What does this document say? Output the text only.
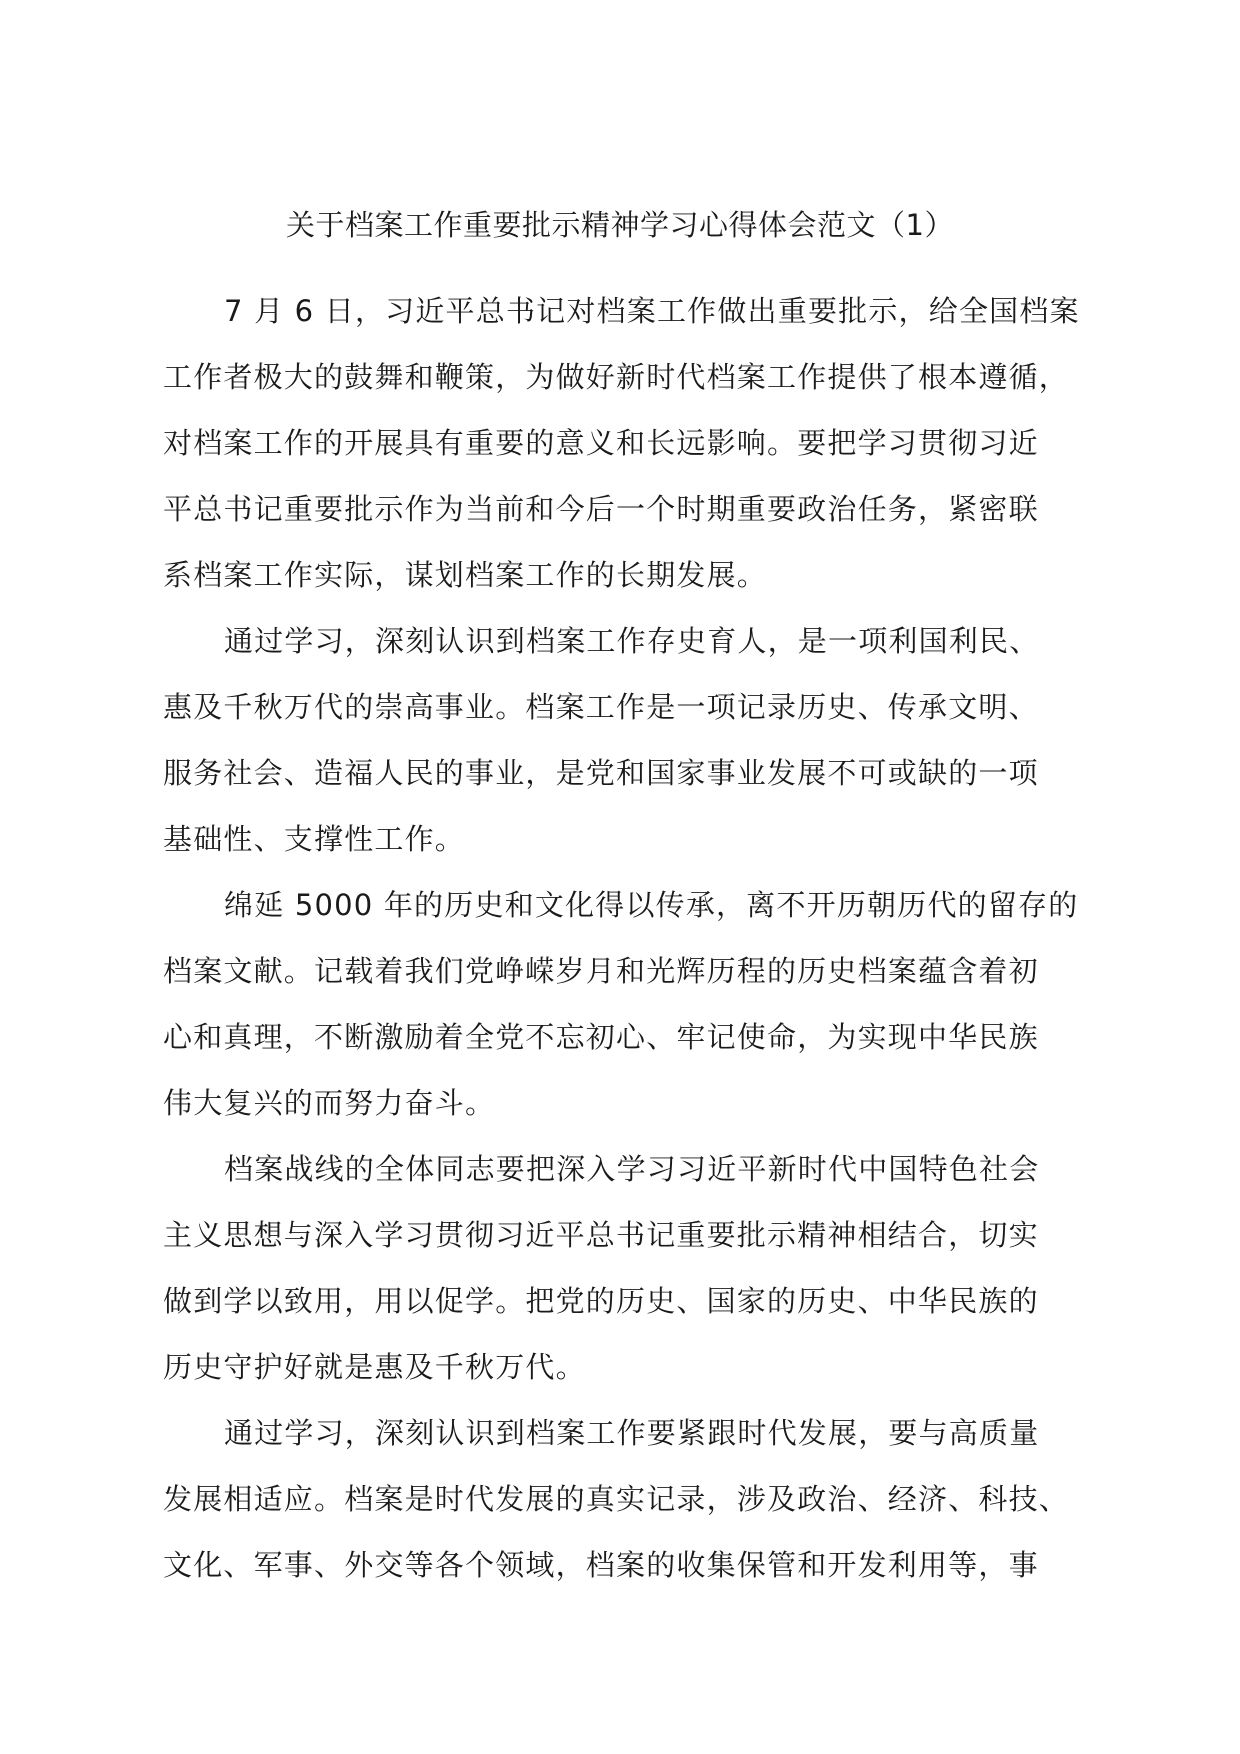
关于档案工作重要批示精神学习心得体会范文（1）

7 月 6 日，习近平总书记对档案工作做出重要批示，给全国档案
工作者极大的鼓舞和鞭策，为做好新时代档案工作提供了根本遵循，
对档案工作的开展具有重要的意义和长远影响。要把学习贯彻习近
平总书记重要批示作为当前和今后一个时期重要政治任务，紧密联
系档案工作实际，谋划档案工作的长期发展。

通过学习，深刻认识到档案工作存史育人，是一项利国利民、
惠及千秋万代的崇高事业。档案工作是一项记录历史、传承文明、
服务社会、造福人民的事业，是党和国家事业发展不可或缺的一项
基础性、支撑性工作。

绵延 5000 年的历史和文化得以传承，离不开历朝历代的留存的
档案文献。记载着我们党峥嵘岁月和光辉历程的历史档案蕴含着初
心和真理，不断激励着全党不忘初心、牢记使命，为实现中华民族
伟大复兴的而努力奋斗。

档案战线的全体同志要把深入学习习近平新时代中国特色社会
主义思想与深入学习贯彻习近平总书记重要批示精神相结合，切实
做到学以致用，用以促学。把党的历史、国家的历史、中华民族的
历史守护好就是惠及千秋万代。

通过学习，深刻认识到档案工作要紧跟时代发展，要与高质量
发展相适应。档案是时代发展的真实记录，涉及政治、经济、科技、
文化、军事、外交等各个领域，档案的收集保管和开发利用等，事
